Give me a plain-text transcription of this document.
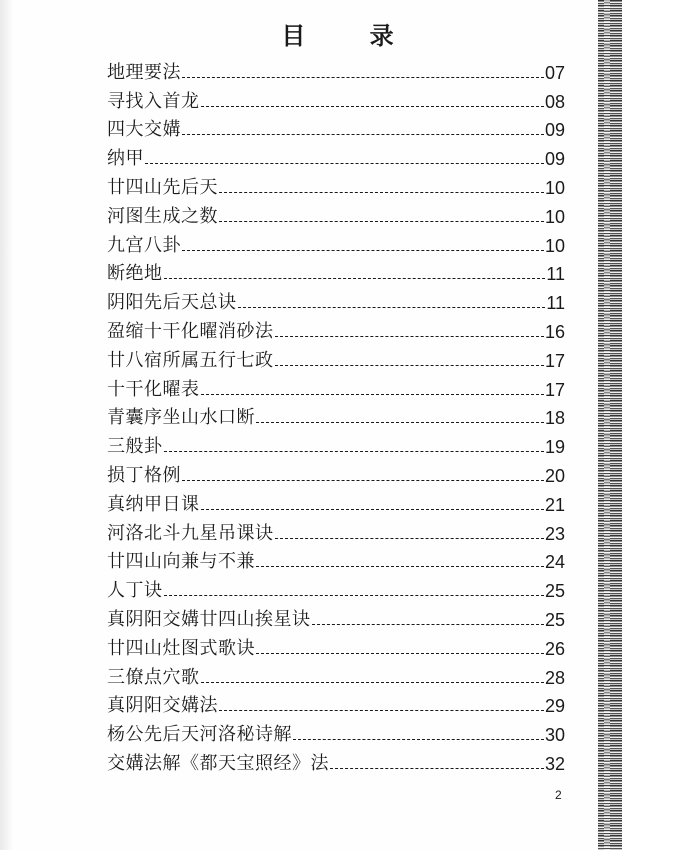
目 录
地理要法	07
寻找入首龙	08
四大交媾	09
纳甲	09
廿四山先后天	10
河图生成之数	10
九宫八卦	10
断绝地	11
阴阳先后天总诀	11
盈缩十干化曜消砂法	16
廿八宿所属五行七政	17
十干化曜表	17
青囊序坐山水口断	18
三般卦	19
损丁格例	20
真纳甲日课	21
河洛北斗九星吊课诀	23
廿四山向兼与不兼	24
人丁诀	25
真阴阳交媾廿四山挨星诀	25
廿四山灶图式歌诀	26
三僚点穴歌	28
真阴阳交媾法	29
杨公先后天河洛秘诗解	30
交媾法解《都天宝照经》法	32
2
